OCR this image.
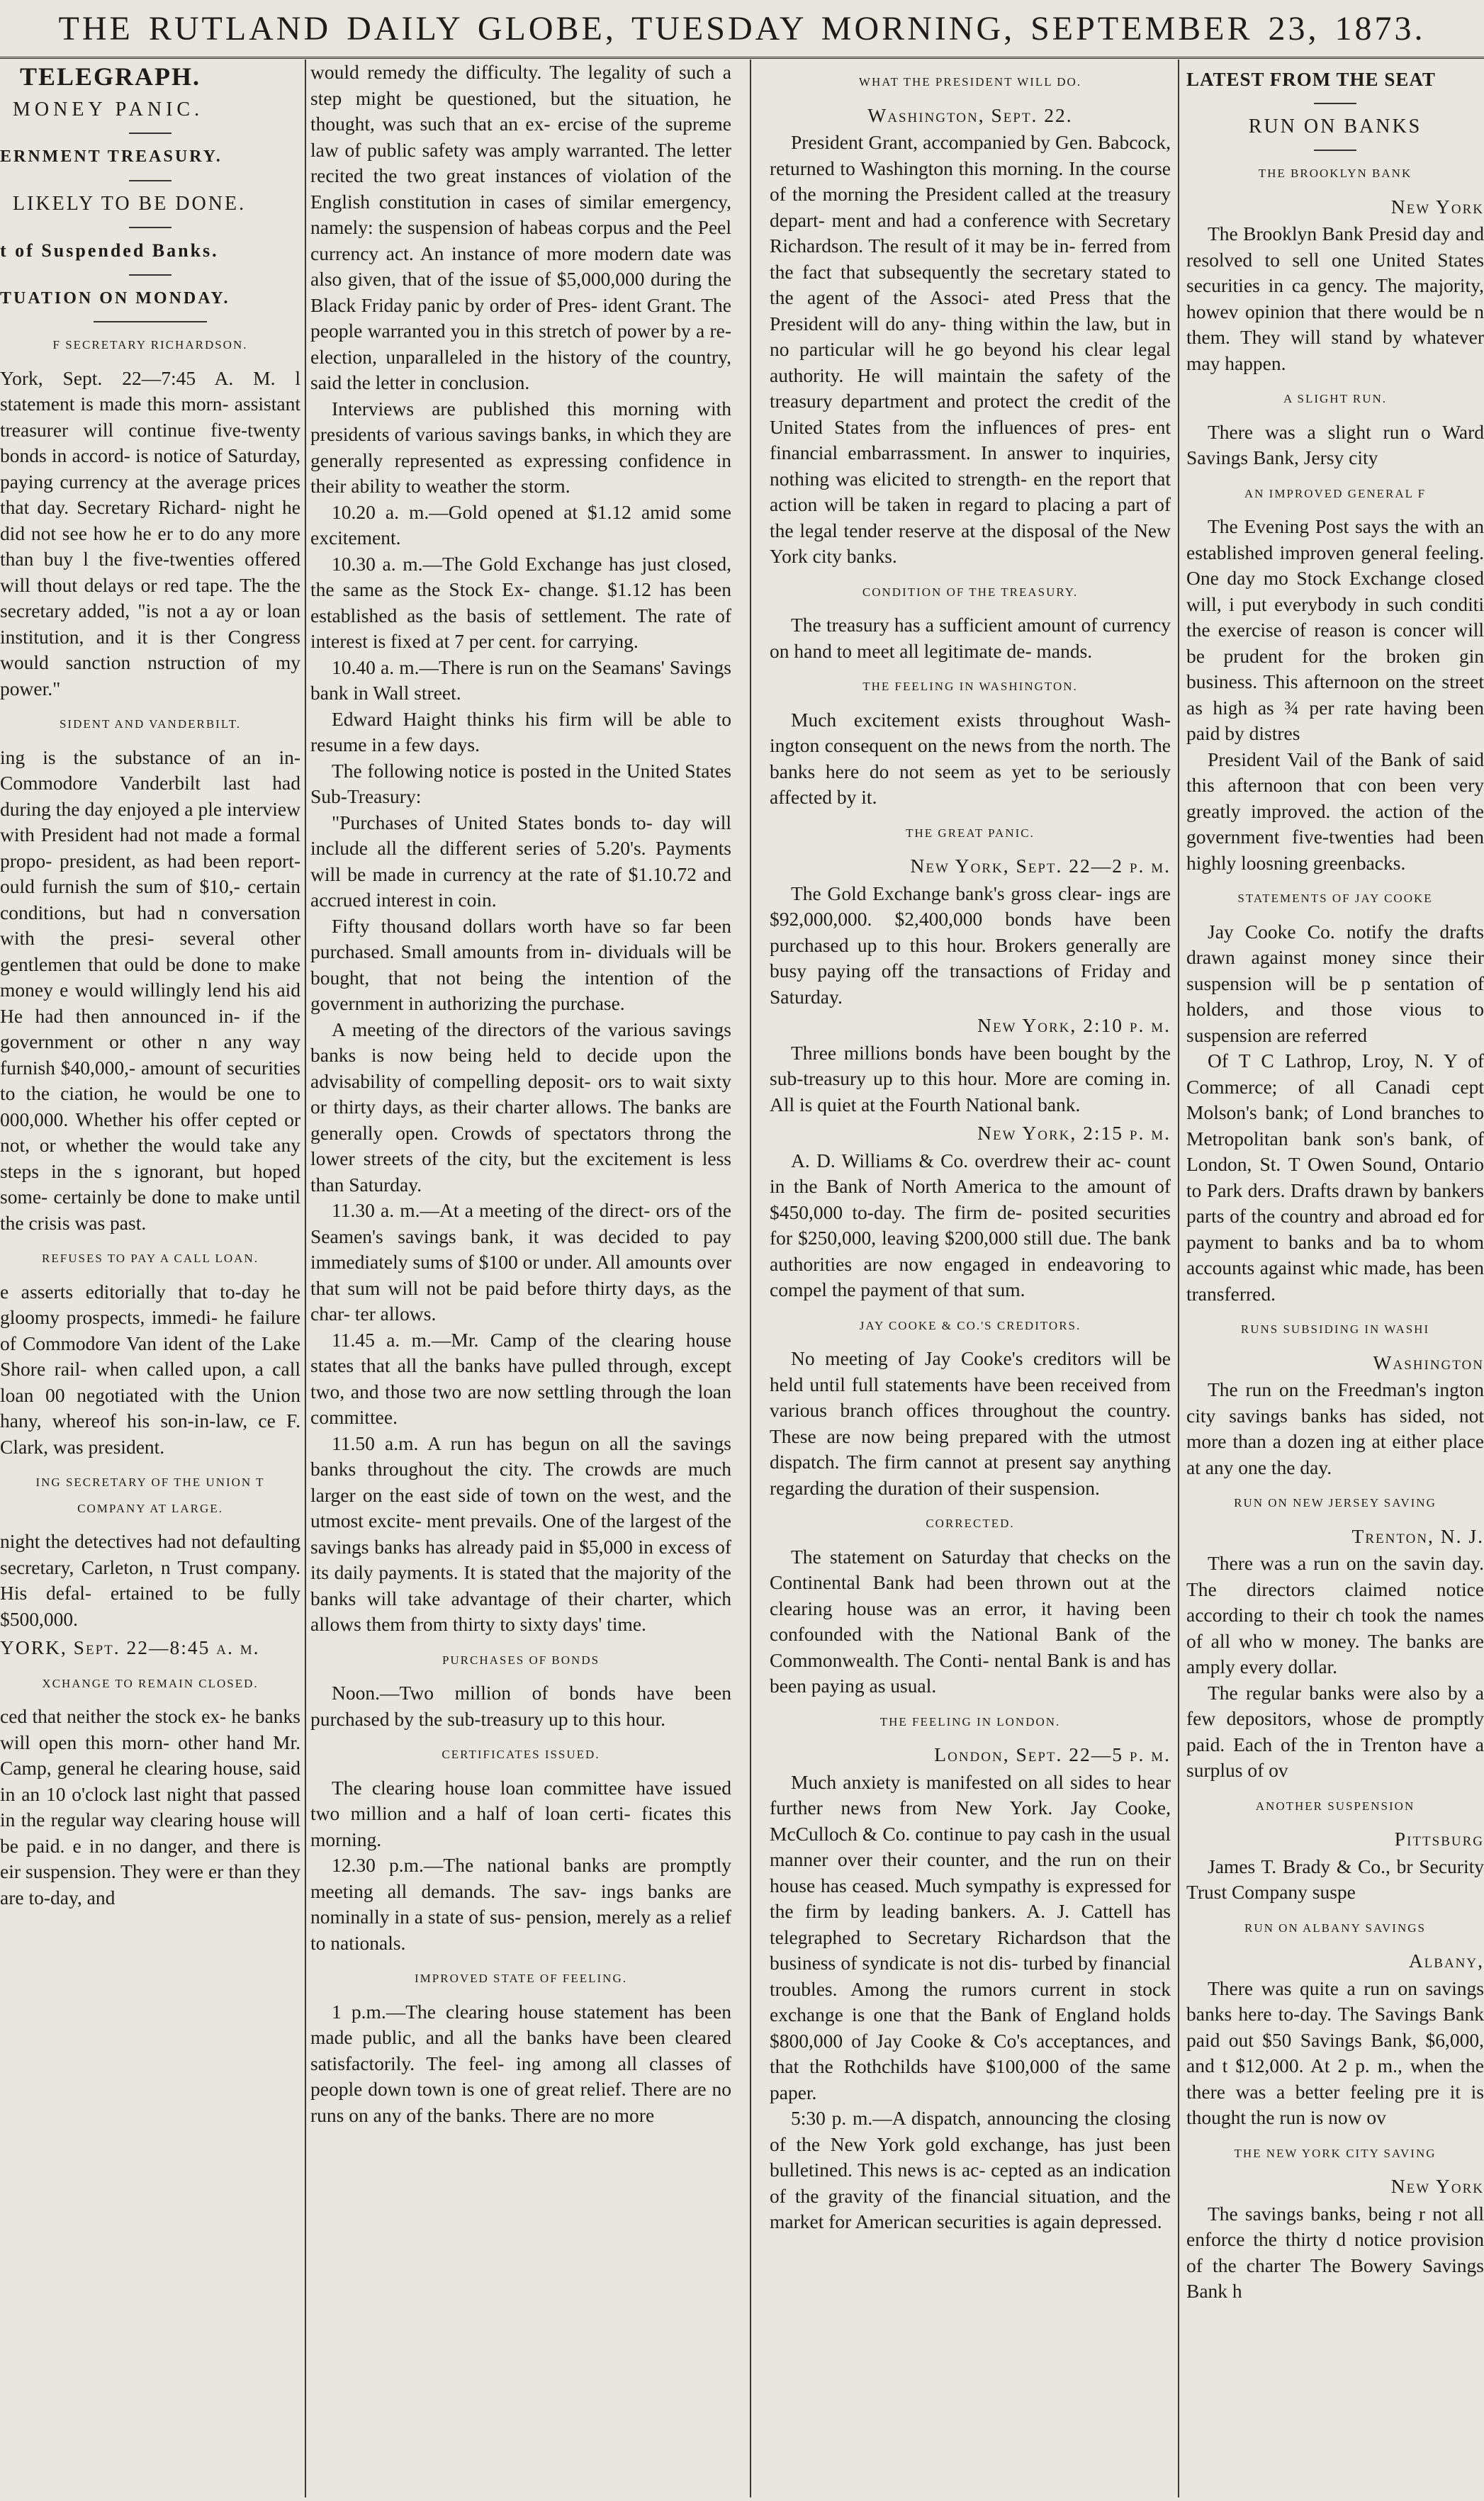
THE RUTLAND DAILY GLOBE, TUESDAY MORNING, SEPTEMBER 23, 1873.
TELEGRAPH.
MONEY PANIC.
ERNMENT TREASURY.
LIKELY TO BE DONE.
t of Suspended Banks.
TUATION ON MONDAY.
F SECRETARY RICHARDSON.

York, Sept. 22—7:45 A. M. l statement is made this morn- assistant treasurer will continue five-twenty bonds in accord- is notice of Saturday, paying currency at the average prices that day. Secretary Richard- night he did not see how he er to do any more than buy l the five-twenties offered will thout delays or red tape. The the secretary added, "is not a ay or loan institution, and it is ther Congress would sanction nstruction of my power."

SIDENT AND VANDERBILT.

ing is the substance of an in- Commodore Vanderbilt last had during the day enjoyed a ple interview with President had not made a formal propo- president, as had been report- ould furnish the sum of $10,- certain conditions, but had n conversation with the presi- several other gentlemen that ould be done to make money e would willingly lend his aid He had then announced in- if the government or other n any way furnish $40,000,- amount of securities to the ciation, he would be one to 000,000. Whether his offer cepted or not, or whether the would take any steps in the s ignorant, but hoped some- certainly be done to make until the crisis was past.

REFUSES TO PAY A CALL LOAN.

e asserts editorially that to-day he gloomy prospects, immedi- he failure of Commodore Van ident of the Lake Shore rail- when called upon, a call loan 00 negotiated with the Union hany, whereof his son-in-law, ce F. Clark, was president.

ING SECRETARY OF THE UNION T COMPANY AT LARGE.

night the detectives had not defaulting secretary, Carleton, n Trust company. His defal- ertained to be fully $500,000.

YORK, Sept. 22—8:45 a. m.
XCHANGE TO REMAIN CLOSED.

ced that neither the stock ex- he banks will open this morn- other hand Mr. Camp, general he clearing house, said in an 10 o'clock last night that passed in the regular way clearing house will be paid. e in no danger, and there is eir suspension. They were er than they are to-day, and

would remedy the difficulty. The legality of such a step might be questioned, but the situation, he thought, was such that an ex- ercise of the supreme law of public safety was amply warranted. The letter recited the two great instances of violation of the English constitution in cases of similar emergency, namely: the suspension of habeas corpus and the Peel currency act. An instance of more modern date was also given, that of the issue of $5,000,000 during the Black Friday panic by order of Pres- ident Grant. The people warranted you in this stretch of power by a re-election, unparalleled in the history of the country, said the letter in conclusion.

Interviews are published this morning with presidents of various savings banks, in which they are generally represented as expressing confidence in their ability to weather the storm.

10.20 a. m.—Gold opened at $1.12 amid some excitement.

10.30 a. m.—The Gold Exchange has just closed, the same as the Stock Ex- change. $1.12 has been established as the basis of settlement. The rate of interest is fixed at 7 per cent. for carrying.

10.40 a. m.—There is run on the Seamans' Savings bank in Wall street.

Edward Haight thinks his firm will be able to resume in a few days.

The following notice is posted in the United States Sub-Treasury:

"Purchases of United States bonds to- day will include all the different series of 5.20's. Payments will be made in currency at the rate of $1.10.72 and accrued interest in coin.

Fifty thousand dollars worth have so far been purchased. Small amounts from in- dividuals will be bought, that not being the intention of the government in authorizing the purchase.

A meeting of the directors of the various savings banks is now being held to decide upon the advisability of compelling deposit- ors to wait sixty or thirty days, as their charter allows. The banks are generally open. Crowds of spectators throng the lower streets of the city, but the excitement is less than Saturday.

11.30 a. m.—At a meeting of the direct- ors of the Seamen's savings bank, it was decided to pay immediately sums of $100 or under. All amounts over that sum will not be paid before thirty days, as the char- ter allows.

11.45 a. m.—Mr. Camp of the clearing house states that all the banks have pulled through, except two, and those two are now settling through the loan committee.

11.50 a.m. A run has begun on all the savings banks throughout the city. The crowds are much larger on the east side of town on the west, and the utmost excite- ment prevails. One of the largest of the savings banks has already paid in $5,000 in excess of its daily payments. It is stated that the majority of the banks will take advantage of their charter, which allows them from thirty to sixty days' time.

PURCHASES OF BONDS

Noon.—Two million of bonds have been purchased by the sub-treasury up to this hour.

CERTIFICATES ISSUED.

The clearing house loan committee have issued two million and a half of loan certi- ficates this morning.

12.30 p.m.—The national banks are promptly meeting all demands. The sav- ings banks are nominally in a state of sus- pension, merely as a relief to nationals.

IMPROVED STATE OF FEELING.

1 p.m.—The clearing house statement has been made public, and all the banks have been cleared satisfactorily. The feel- ing among all classes of people down town is one of great relief. There are no runs on any of the banks. There are no more

WHAT THE PRESIDENT WILL DO.
Washington, Sept. 22.

President Grant, accompanied by Gen. Babcock, returned to Washington this morning. In the course of the morning the President called at the treasury depart- ment and had a conference with Secretary Richardson. The result of it may be in- ferred from the fact that subsequently the secretary stated to the agent of the Associ- ated Press that the President will do any- thing within the law, but in no particular will he go beyond his clear legal authority. He will maintain the safety of the treasury department and protect the credit of the United States from the influences of pres- ent financial embarrassment. In answer to inquiries, nothing was elicited to strength- en the report that action will be taken in regard to placing a part of the legal tender reserve at the disposal of the New York city banks.

CONDITION OF THE TREASURY.

The treasury has a sufficient amount of currency on hand to meet all legitimate de- mands.

THE FEELING IN WASHINGTON.

Much excitement exists throughout Wash- ington consequent on the news from the north. The banks here do not seem as yet to be seriously affected by it.

THE GREAT PANIC.
New York, Sept. 22—2 p. m.

The Gold Exchange bank's gross clear- ings are $92,000,000. $2,400,000 bonds have been purchased up to this hour. Brokers generally are busy paying off the transactions of Friday and Saturday.

New York, 2:10 p. m.

Three millions bonds have been bought by the sub-treasury up to this hour. More are coming in. All is quiet at the Fourth National bank.

New York, 2:15 p. m.

A. D. Williams & Co. overdrew their ac- count in the Bank of North America to the amount of $450,000 to-day. The firm de- posited securities for $250,000, leaving $200,000 still due. The bank authorities are now engaged in endeavoring to compel the payment of that sum.

JAY COOKE & CO.'S CREDITORS.

No meeting of Jay Cooke's creditors will be held until full statements have been received from various branch offices throughout the country. These are now being prepared with the utmost dispatch. The firm cannot at present say anything regarding the duration of their suspension.

CORRECTED.

The statement on Saturday that checks on the Continental Bank had been thrown out at the clearing house was an error, it having been confounded with the National Bank of the Commonwealth. The Conti- nental Bank is and has been paying as usual.

THE FEELING IN LONDON.
London, Sept. 22—5 p. m.

Much anxiety is manifested on all sides to hear further news from New York. Jay Cooke, McCulloch & Co. continue to pay cash in the usual manner over their counter, and the run on their house has ceased. Much sympathy is expressed for the firm by leading bankers. A. J. Cattell has telegraphed to Secretary Richardson that the business of syndicate is not dis- turbed by financial troubles. Among the rumors current in stock exchange is one that the Bank of England holds $800,000 of Jay Cooke & Co's acceptances, and that the Rothchilds have $100,000 of the same paper.

5:30 p. m.—A dispatch, announcing the closing of the New York gold exchange, has just been bulletined. This news is ac- cepted as an indication of the gravity of the financial situation, and the market for American securities is again depressed.

LATEST FROM THE SEAT
RUN ON BANKS
THE BROOKLYN BANK
New York

The Brooklyn Bank Presid day and resolved to sell one United States securities in ca gency. The majority, howev opinion that there would be n them. They will stand by whatever may happen.

A SLIGHT RUN.

There was a slight run o Ward Savings Bank, Jersy city

AN IMPROVED GENERAL F

The Evening Post says the with an established improven general feeling. One day mo Stock Exchange closed will, i put everybody in such conditi the exercise of reason is concer will be prudent for the broken gin business. This afternoon on the street as high as ¾ per rate having been paid by distres

President Vail of the Bank of said this afternoon that con been very greatly improved. the action of the government five-twenties had been highly loosning greenbacks.

STATEMENTS OF JAY COOKE

Jay Cooke Co. notify the drafts drawn against money since their suspension will be p sentation of holders, and those vious to suspension are referred

Of T C Lathrop, Lroy, N. Y of Commerce; of all Canadi cept Molson's bank; of Lond branches to Metropolitan bank son's bank, of London, St. T Owen Sound, Ontario to Park ders. Drafts drawn by bankers parts of the country and abroad ed for payment to banks and ba to whom accounts against whic made, has been transferred.

RUNS SUBSIDING IN WASHI
Washington

The run on the Freedman's ington city savings banks has sided, not more than a dozen ing at either place at any one the day.

RUN ON NEW JERSEY SAVING
Trenton, N. J.

There was a run on the savin day. The directors claimed notice according to their ch took the names of all who w money. The banks are amply every dollar.

The regular banks were also by a few depositors, whose de promptly paid. Each of the in Trenton have a surplus of ov

ANOTHER SUSPENSION
Pittsburg

James T. Brady & Co., br Security Trust Company suspe

RUN ON ALBANY SAVINGS
Albany,

There was quite a run on savings banks here to-day. The Savings Bank paid out $50 Savings Bank, $6,000, and t $12,000. At 2 p. m., when the there was a better feeling pre it is thought the run is now ov

THE NEW YORK CITY SAVING
New York

The savings banks, being r not all enforce the thirty d notice provision of the charter The Bowery Savings Bank h
